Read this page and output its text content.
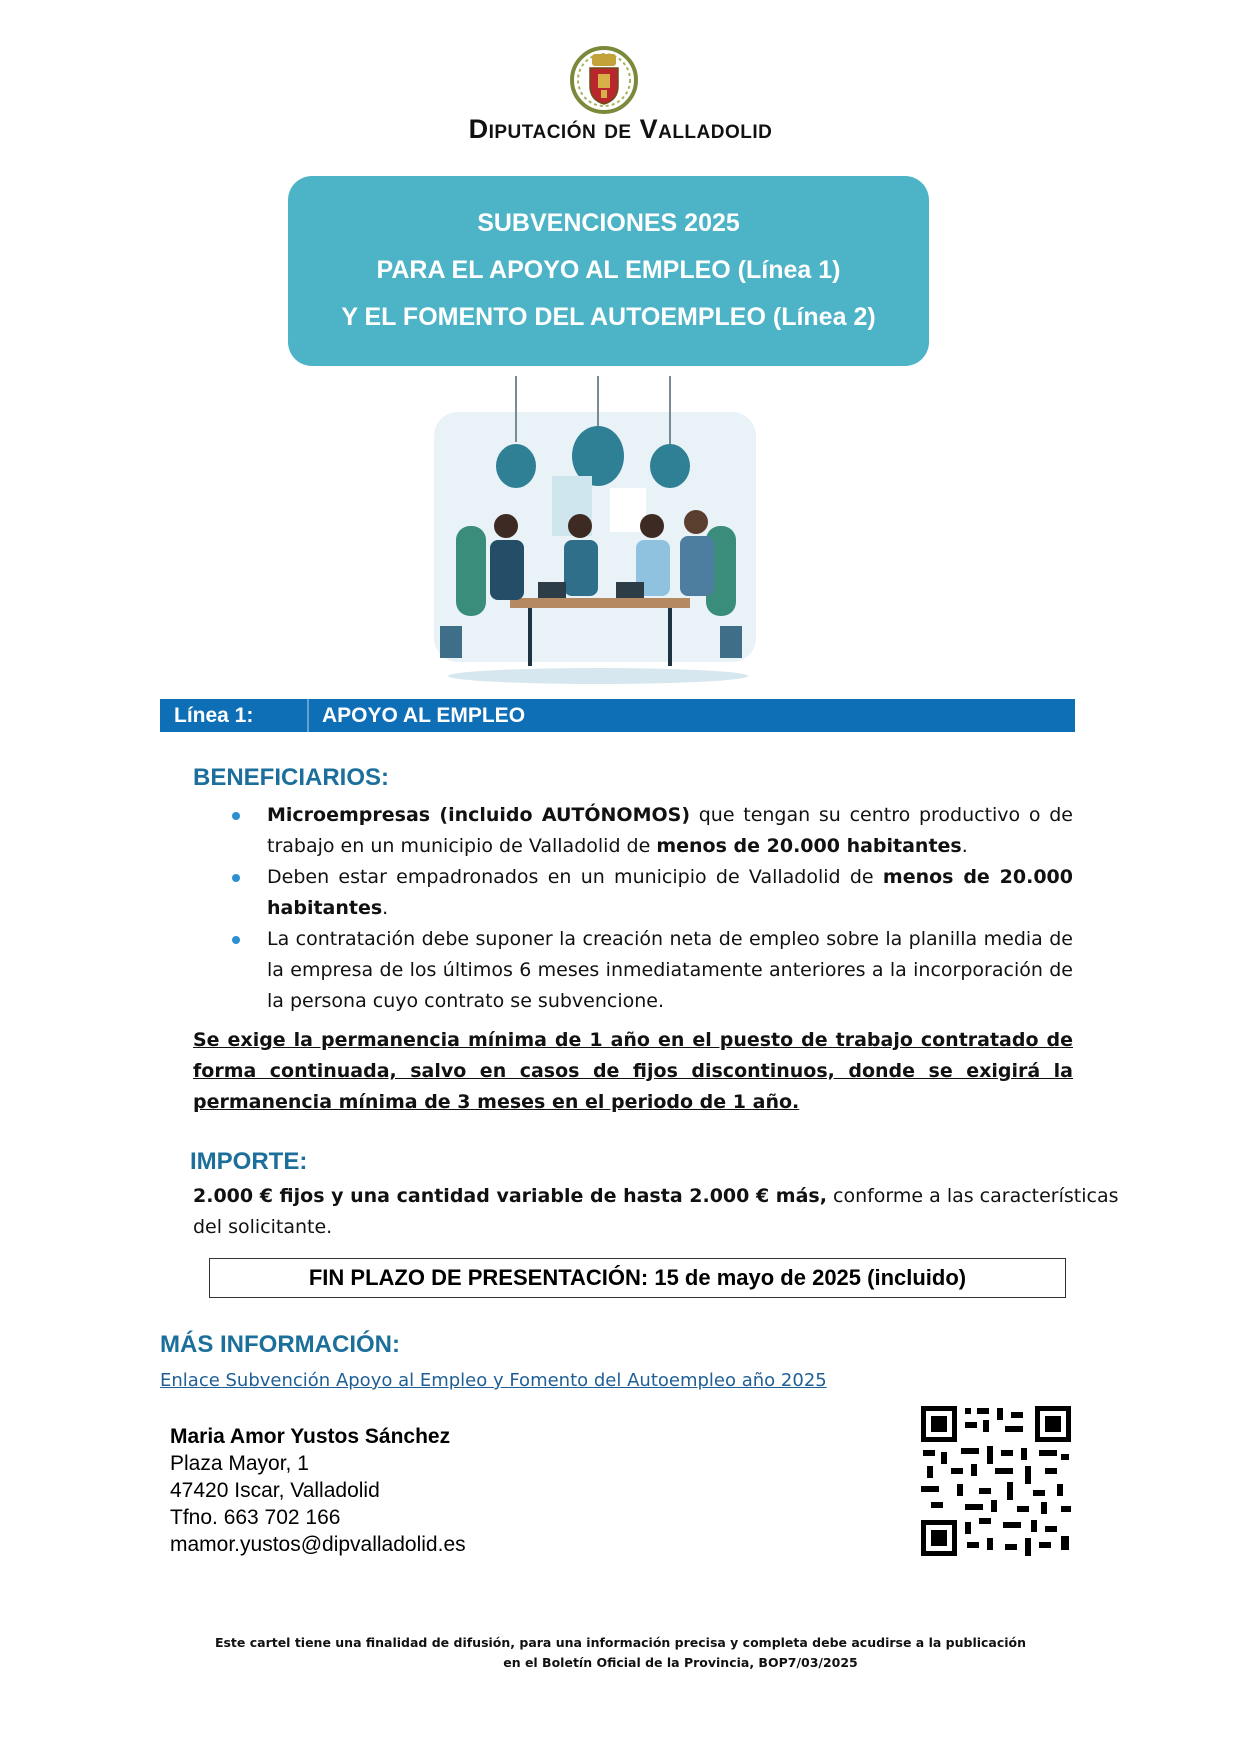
Diputación de Valladolid
SUBVENCIONES 2025
PARA EL APOYO AL EMPLEO (Línea 1)
Y EL FOMENTO DEL AUTOEMPLEO (Línea 2)
Línea 1:	APOYO AL EMPLEO
BENEFICIARIOS:
Microempresas (incluido AUTÓNOMOS) que tengan su centro productivo o de trabajo en un municipio de Valladolid de menos de 20.000 habitantes.
Deben estar empadronados en un municipio de Valladolid de menos de 20.000 habitantes.
La contratación debe suponer la creación neta de empleo sobre la planilla media de la empresa de los últimos 6 meses inmediatamente anteriores a la incorporación de la persona cuyo contrato se subvencione.
Se exige la permanencia mínima de 1 año en el puesto de trabajo contratado de forma continuada, salvo en casos de fijos discontinuos, donde se exigirá la permanencia mínima de 3 meses en el periodo de 1 año.
IMPORTE:
2.000 € fijos y una cantidad variable de hasta 2.000 € más, conforme a las características del solicitante.
FIN PLAZO DE PRESENTACIÓN: 15 de mayo de 2025 (incluido)
MÁS INFORMACIÓN:
Enlace Subvención Apoyo al Empleo y Fomento del Autoempleo año 2025
Maria Amor Yustos Sánchez
Plaza Mayor, 1
47420 Iscar, Valladolid
Tfno. 663 702 166
mamor.yustos@dipvalladolid.es
Este cartel tiene una finalidad de difusión, para una información precisa y completa debe acudirse a la publicación
en el Boletín Oficial de la Provincia, BOP7/03/2025
